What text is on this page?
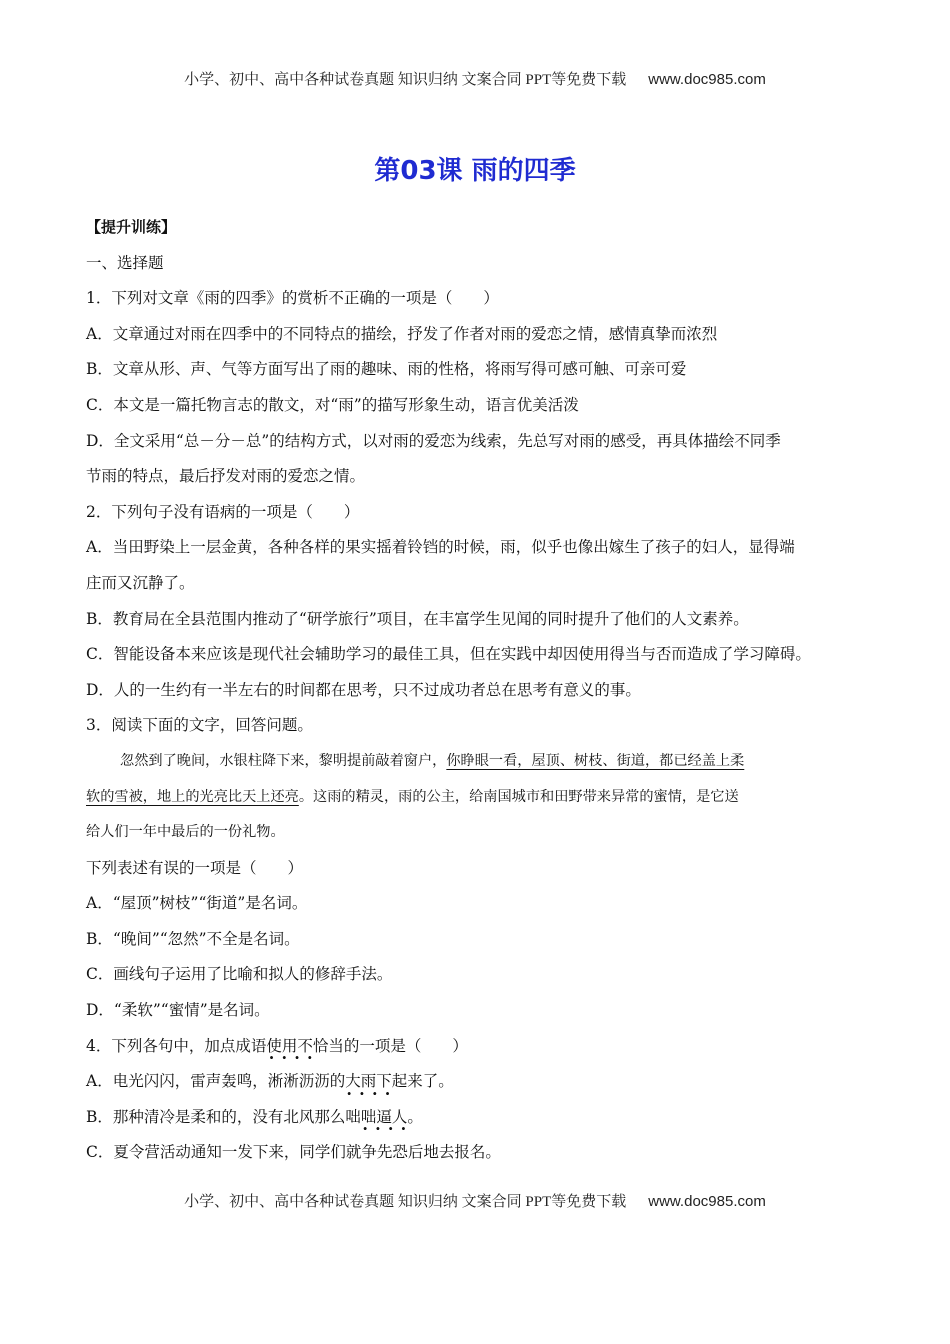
小学、初中、高中各种试卷真题 知识归纳 文案合同 PPT等免费下载 www.doc985.com
第03课 雨的四季
【提升训练】
一、选择题
1．下列对文章《雨的四季》的赏析不正确的一项是（　　）
A．文章通过对雨在四季中的不同特点的描绘，抒发了作者对雨的爱恋之情，感情真挚而浓烈
B．文章从形、声、气等方面写出了雨的趣味、雨的性格，将雨写得可感可触、可亲可爱
C．本文是一篇托物言志的散文，对“雨”的描写形象生动，语言优美活泼
D．全文采用“总－分－总”的结构方式，以对雨的爱恋为线索，先总写对雨的感受，再具体描绘不同季
节雨的特点，最后抒发对雨的爱恋之情。
2．下列句子没有语病的一项是（　　）
A．当田野染上一层金黄，各种各样的果实摇着铃铛的时候，雨，似乎也像出嫁生了孩子的妇人，显得端
庄而又沉静了。
B．教育局在全县范围内推动了“研学旅行”项目，在丰富学生见闻的同时提升了他们的人文素养。
C．智能设备本来应该是现代社会辅助学习的最佳工具，但在实践中却因使用得当与否而造成了学习障碍。
D．人的一生约有一半左右的时间都在思考，只不过成功者总在思考有意义的事。
3．阅读下面的文字，回答问题。
忽然到了晚间，水银柱降下来，黎明提前敲着窗户，你睁眼一看，屋顶、树枝、街道，都已经盖上柔
软的雪被，地上的光亮比天上还亮。这雨的精灵，雨的公主，给南国城市和田野带来异常的蜜情，是它送
给人们一年中最后的一份礼物。
下列表述有误的一项是（　　）
A．“屋顶”树枝”“街道”是名词。
B．“晚间”“忽然”不全是名词。
C．画线句子运用了比喻和拟人的修辞手法。
D．“柔软”“蜜情”是名词。
4．下列各句中，加点成语使用不恰当的一项是（　　）
A．电光闪闪，雷声轰鸣，· · · · 淅淅沥沥的大雨下起来了。
B．那种清冷是柔和的，没有北风那么· · · · 咄咄逼人。
C．夏令营活动通知一发下来，同学们就· · · · 争先恐后地去报名。
小学、初中、高中各种试卷真题 知识归纳 文案合同 PPT等免费下载 www.doc985.com
